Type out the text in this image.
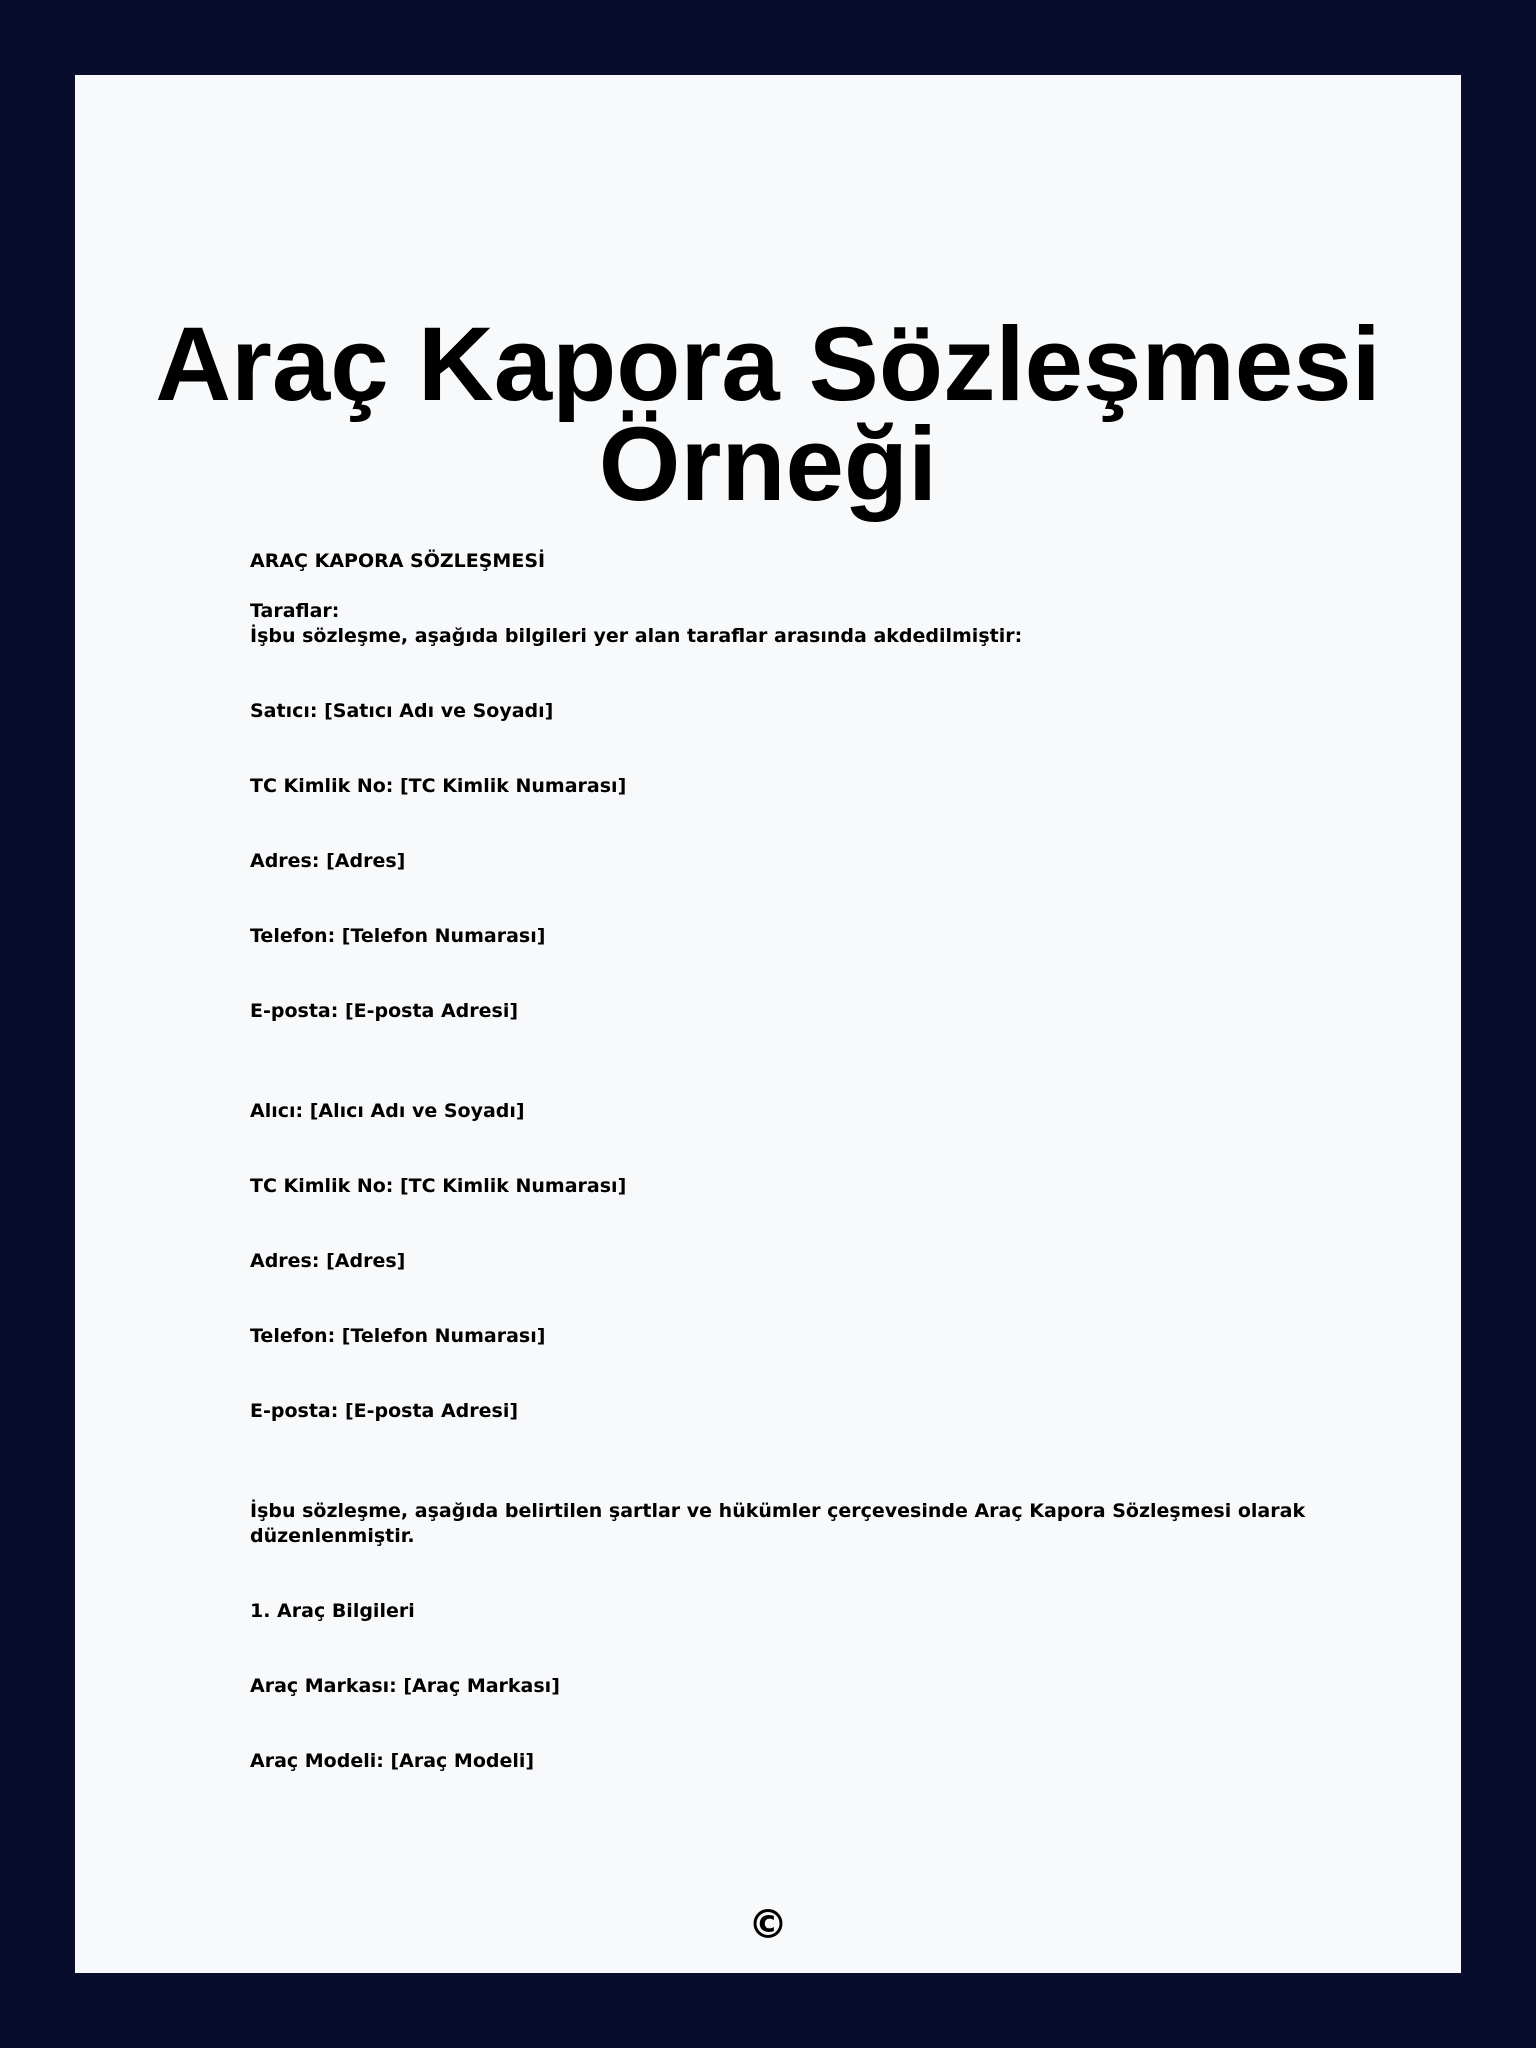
Araç Kapora Sözleşmesi
Örneği
ARAÇ KAPORA SÖZLEŞMESİ
Taraflar:
İşbu sözleşme, aşağıda bilgileri yer alan taraflar arasında akdedilmiştir:
Satıcı: [Satıcı Adı ve Soyadı]
TC Kimlik No: [TC Kimlik Numarası]
Adres: [Adres]
Telefon: [Telefon Numarası]
E-posta: [E-posta Adresi]
Alıcı: [Alıcı Adı ve Soyadı]
TC Kimlik No: [TC Kimlik Numarası]
Adres: [Adres]
Telefon: [Telefon Numarası]
E-posta: [E-posta Adresi]
İşbu sözleşme, aşağıda belirtilen şartlar ve hükümler çerçevesinde Araç Kapora Sözleşmesi olarak
düzenlenmiştir.
1. Araç Bilgileri
Araç Markası: [Araç Markası]
Araç Modeli: [Araç Modeli]
©
